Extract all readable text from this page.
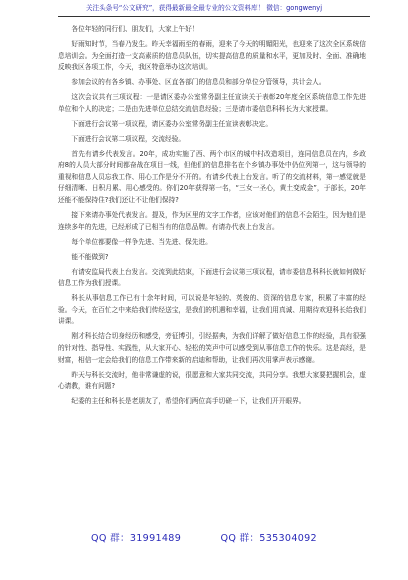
关注头条号“公文研究”，获得最新最全最专业的公文资料库！ 微信：gongwenyj

各位年轻的同行们、朋友们，大家上午好！

好雨知时节，当春乃发生。昨天幸福雨至的春雨，迎来了今天的明媚阳光，也迎来了这次全区系统信息培训会。为全面打造一支高素质的信息员队伍，切实提高信息的质量和水平，更加及时、全面、准确地反映我区各项工作，今天，我区特意举办这次培训。

参加会议的有各乡镇、办事处、区直各部门的信息员和部分单位分管领导，共计会人。

这次会议共有三项议程：一是请区委办公室常务副主任宣读关于表彰20年度全区系统信息工作先进单位和个人的决定；二是由先进单位总结交流信息经验；三是请市委信息科科长为大家授课。

下面进行会议第一项议程，请区委办公室常务副主任宣读表彰决定。

下面进行会议第二项议程，交流经验。

首先有请乡代表发言。20年，成功实施了西、两个市区的城中村改造项目，连同信息员在内，乡政府8的人员大部分时间都奋战在项目一线，但他们的信息排名在个乡镇办事处中仍位列第一，这与领导的重视和信息人员忘我工作、用心工作是分不开的。有请乡代表上台发言。听了的交流材料，第一感觉就是仔细清晰、日积月累、用心感受的。你们20年获得第一名，“三女一圣心，黄土变成金”，于部长，20年还能不能保持住?我们还让不让他们保持?

接下来请办事处代表发言。提及，作为区里的文字工作者，应该对他们的信息不会陌生，因为他们是连续多年的先进，已经形成了已相当有的信息品牌。有请办代表上台发言。

每个单位都要像一样争先进、当先进、保先进。

能不能做到?

有请安监局代表上台发言。交流到此结束，下面进行会议第三项议程，请市委信息科科长就如何做好信息工作为我们授课。

科长从事信息工作已有十余年时间，可以说是年轻的、英俊的、资深的信息专家，积累了丰富的经验。今天，在百忙之中来给我们传经送宝，是我们的机遇和幸福，让我们用真诚、用期待欢迎科长给我们讲课。

刚才科长结合切身经历和感受，旁征博引，引经据典，为我们详解了做好信息工作的经验，具有很强的针对性、指导性、实践性，从大家开心、轻松的笑声中可以感受到从事信息工作的快乐。这是高经，是财富，相信一定会给我们的信息工作带来新的启迪和帮助，让我们再次用掌声表示感谢。

昨天与科长交流时，他非常谦虚的说，很愿意和大家共同交流，共同分享。我想大家要把握机会，虚心请教，谁有问题?

纪委的主任和科长是老朋友了，希望你们两位高手切磋一下，让我们开开眼界。

QQ 群：31991489	QQ 群：535304092
